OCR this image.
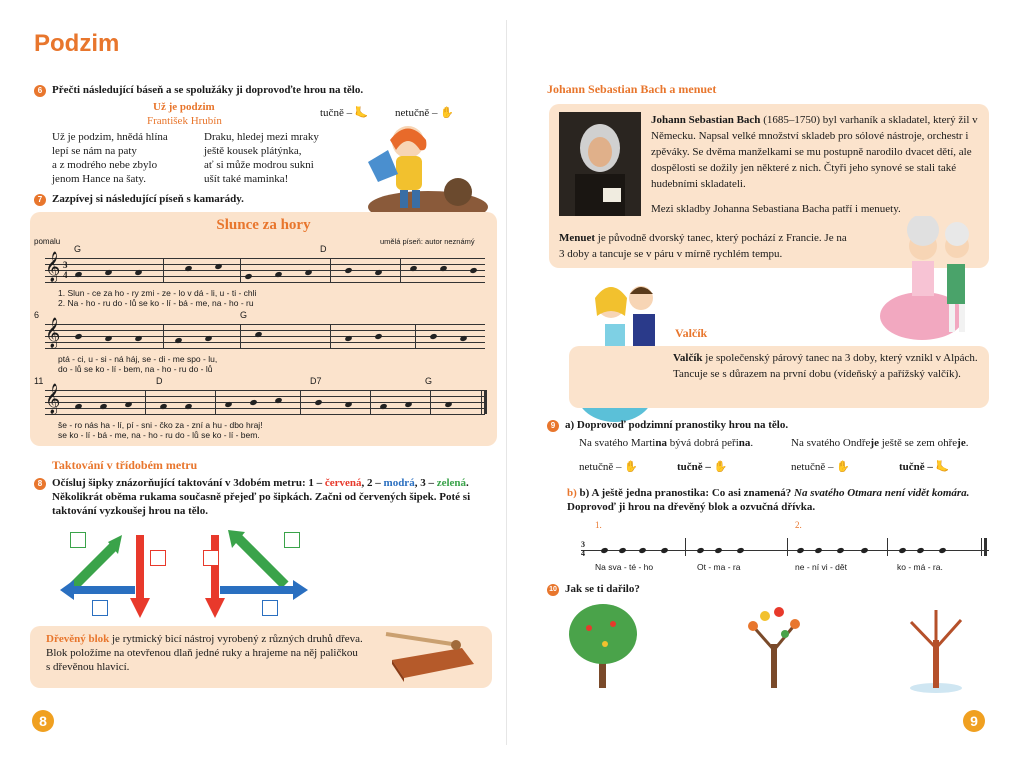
Podzim
6 Přečti následující báseň a se spolužáky ji doprovoďte hrou na tělo.
Už je podzim
František Hrubín
tučně – 🦶 netučně – ✋
Už je podzim, hnědá hlína
lepí se nám na paty
a z modrého nebe zbylo
jenom Hance na šaty.
Draku, hledej mezi mraky
ještě kousek plátýnka,
ať si může modrou sukni
ušít také maminka!
7 Zazpívej si následující píseň s kamarády.
Slunce za hory
pomalu	umělá píseň: autor neznámý
G	D
𝄞 3
4
1. Slun - ce za ho - ry zmi - ze - lo v dá - li, u - ti - chli
2. Na - ho - ru do - lů se ko - lí - bá - me, na - ho - ru
6	G
𝄞
ptá - ci, u - si - ná háj, se - di - me spo - lu,
do - lů se ko - lí - bem, na - ho - ru do - lů
11	D	D7	G
𝄞
še - ro nás ha - lí, pí - sni - čko za - zní a hu - dbo hraj!
se ko - lí - bá - me, na - ho - ru do - lů se ko - lí - bem.
Taktování v třídobém metru
8 Očísluj šipky znázorňující taktování v 3dobém metru: 1 – červená, 2 – modrá, 3 – zelená. Několikrát oběma rukama současně přejeď po šipkách. Začni od červených šipek. Poté si taktování vyzkoušej hrou na tělo.
Dřevěný blok je rytmický bicí nástroj vyrobený z různých druhů dřeva. Blok položíme na otevřenou dlaň jedné ruky a hrajeme na něj paličkou s dřevěnou hlavicí.
8
Johann Sebastian Bach a menuet
Johann Sebastian Bach (1685–1750) byl varhaník a skladatel, který žil v Německu. Napsal velké množství skladeb pro sólové nástroje, orchestr i zpěváky. Se dvěma manželkami se mu postupně narodilo dvacet dětí, ale dospělosti se dožily jen některé z nich. Čtyři jeho synové se stali také hudebními skladateli.
Mezi skladby Johanna Sebastiana Bacha patří i menuety.
Menuet je původně dvorský tanec, který pochází z Francie. Je na 3 doby a tancuje se v páru v mírně rychlém tempu.
Valčík
Valčík je společenský párový tanec na 3 doby, který vznikl v Alpách. Tancuje se s důrazem na první dobu (vídeňský a pařížský valčík).
9 a) Doprovoď podzimní pranostiky hrou na tělo.
Na svatého Martina bývá dobrá peřina.	Na svatého Ondřeje ještě se zem ohřeje.
netučně – ✋	tučně – ✋	netučně – ✋	tučně – 🦶
b) b) A ještě jedna pranostika: Co asi znamená? Na svatého Otmara není vidět komára.
Doprovoď ji hrou na dřevěný blok a ozvučná dřívka.
1.	2.
3
4
Na sva - té - ho	Ot - ma - ra	ne - ní vi - dět	ko - má - ra.
10 Jak se ti dařilo?
9
